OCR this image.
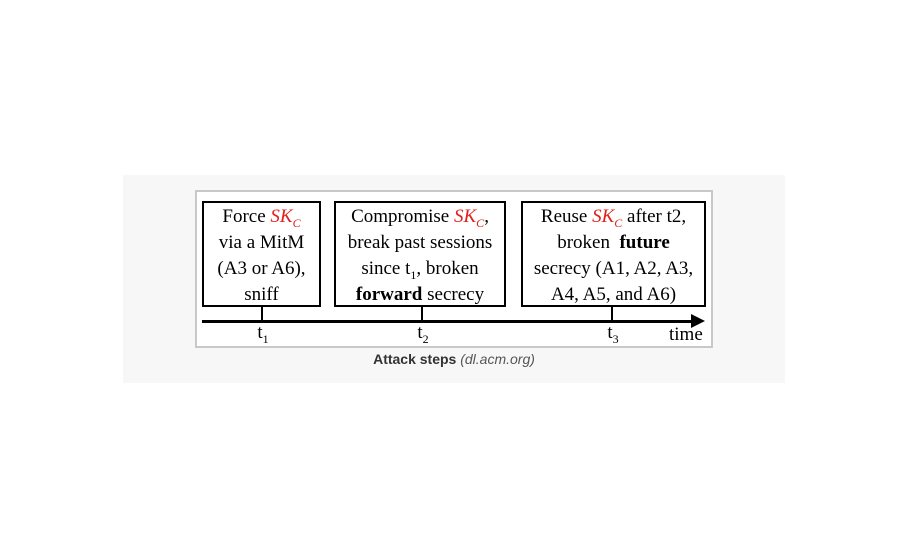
Force $SK_C$
via a MitM
(A3 or A6),
sniff
Compromise $SK_C$,
break past sessions
since $t_1$, broken
forward secrecy
Reuse $SK_C$ after t2,
broken  future
secrecy (A1, A2, A3,
A4, A5, and A6)
$t_1$	$t_2$	$t_3$	time
Attack steps (dl.acm.org)
